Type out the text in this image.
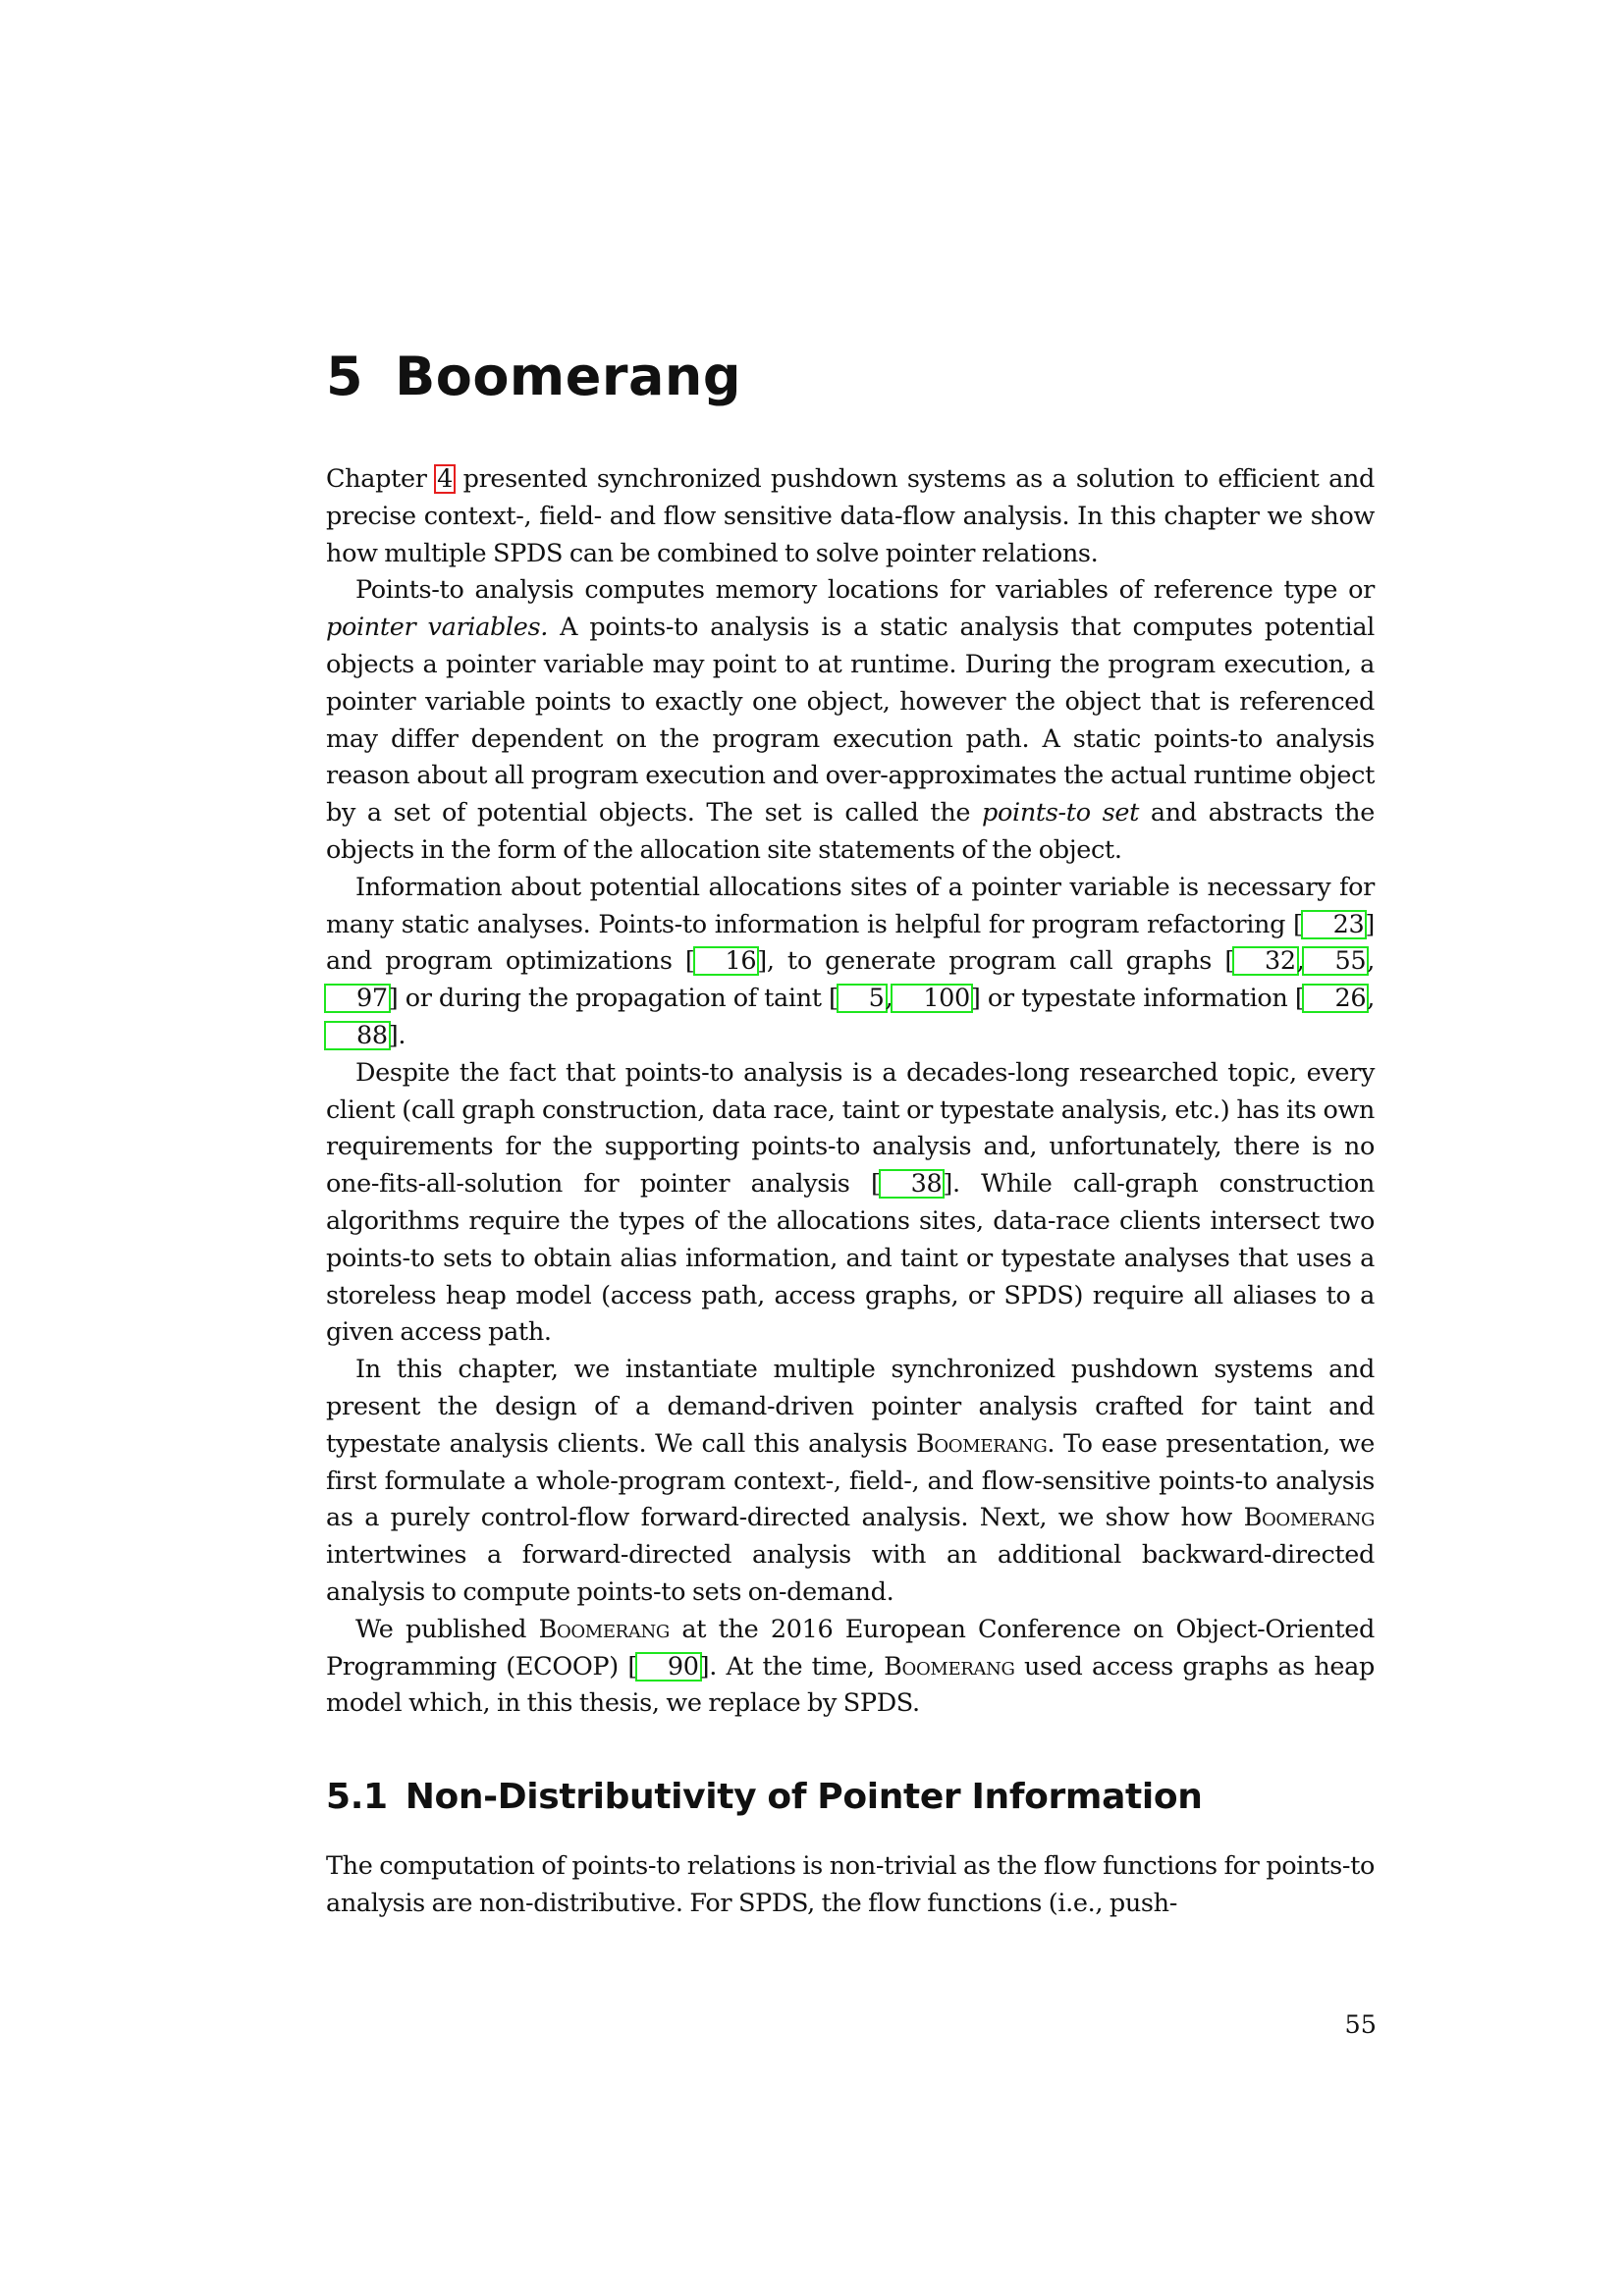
5 Boomerang

Chapter 4 presented synchronized pushdown systems as a solution to efficient and precise context-, field- and flow sensitive data-flow analysis. In this chapter we show how multiple SPDS can be combined to solve pointer relations.

Points-to analysis computes memory locations for variables of reference type or pointer variables. A points-to analysis is a static analysis that computes potential objects a pointer variable may point to at runtime. During the program execution, a pointer variable points to exactly one object, however the object that is referenced may differ dependent on the program execution path. A static points-to analysis reason about all program execution and over-approximates the actual runtime object by a set of potential objects. The set is called the points-to set and abstracts the objects in the form of the allocation site statements of the object.

Information about potential allocations sites of a pointer variable is necessary for many static analyses. Points-to information is helpful for program refactoring [ 23] and program optimizations [ 16], to generate program call graphs [ 32, 55, 97] or during the propagation of taint [ 5, 100] or typestate information [ 26,88].

Despite the fact that points-to analysis is a decades-long researched topic, every client (call graph construction, data race, taint or typestate analysis, etc.) has its own requirements for the supporting points-to analysis and, unfortunately, there is no one-fits-all-solution for pointer analysis [ 38]. While call-graph construction algorithms require the types of the allocations sites, data-race clients intersect two points-to sets to obtain alias information, and taint or typestate analyses that uses a storeless heap model (access path, access graphs, or SPDS) require all aliases to a given access path.

In this chapter, we instantiate multiple synchronized pushdown systems and present the design of a demand-driven pointer analysis crafted for taint and typestate analysis clients. We call this analysis Boomerang. To ease presentation, we first formulate a whole-program context-, field-, and flow-sensitive points-to analysis as a purely control-flow forward-directed analysis. Next, we show how Boomerang intertwines a forward-directed analysis with an additional backward-directed analysis to compute points-to sets on-demand.

We published Boomerang at the 2016 European Conference on Object-Oriented Programming (ECOOP) [ 90]. At the time, Boomerang used access graphs as heap model which, in this thesis, we replace by SPDS.

5.1 Non-Distributivity of Pointer Information

The computation of points-to relations is non-trivial as the flow functions for points-to analysis are non-distributive. For SPDS, the flow functions (i.e., push-

55
